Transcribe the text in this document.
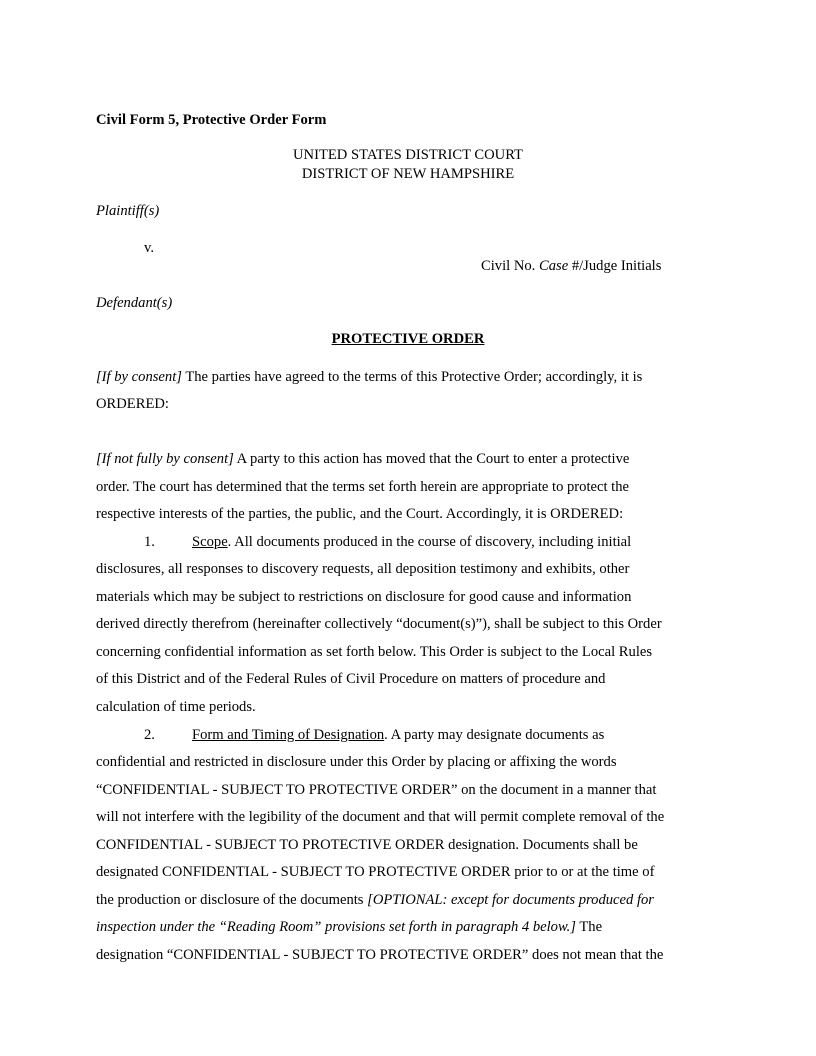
Civil Form 5, Protective Order Form
UNITED STATES DISTRICT COURT
DISTRICT OF NEW HAMPSHIRE
Plaintiff(s)
v.
Civil No. Case #/Judge Initials
Defendant(s)
PROTECTIVE ORDER
[If by consent] The parties have agreed to the terms of this Protective Order; accordingly, it is
ORDERED:
[If not fully by consent] A party to this action has moved that the Court to enter a protective
order. The court has determined that the terms set forth herein are appropriate to protect the
respective interests of the parties, the public, and the Court. Accordingly, it is ORDERED:
1.	Scope. All documents produced in the course of discovery, including initial
disclosures, all responses to discovery requests, all deposition testimony and exhibits, other
materials which may be subject to restrictions on disclosure for good cause and information
derived directly therefrom (hereinafter collectively “document(s)”), shall be subject to this Order
concerning confidential information as set forth below. This Order is subject to the Local Rules
of this District and of the Federal Rules of Civil Procedure on matters of procedure and
calculation of time periods.
2.	Form and Timing of Designation. A party may designate documents as
confidential and restricted in disclosure under this Order by placing or affixing the words
“CONFIDENTIAL - SUBJECT TO PROTECTIVE ORDER” on the document in a manner that
will not interfere with the legibility of the document and that will permit complete removal of the
CONFIDENTIAL - SUBJECT TO PROTECTIVE ORDER designation. Documents shall be
designated CONFIDENTIAL - SUBJECT TO PROTECTIVE ORDER prior to or at the time of
the production or disclosure of the documents [OPTIONAL: except for documents produced for
inspection under the “Reading Room” provisions set forth in paragraph 4 below.] The
designation “CONFIDENTIAL - SUBJECT TO PROTECTIVE ORDER” does not mean that the
